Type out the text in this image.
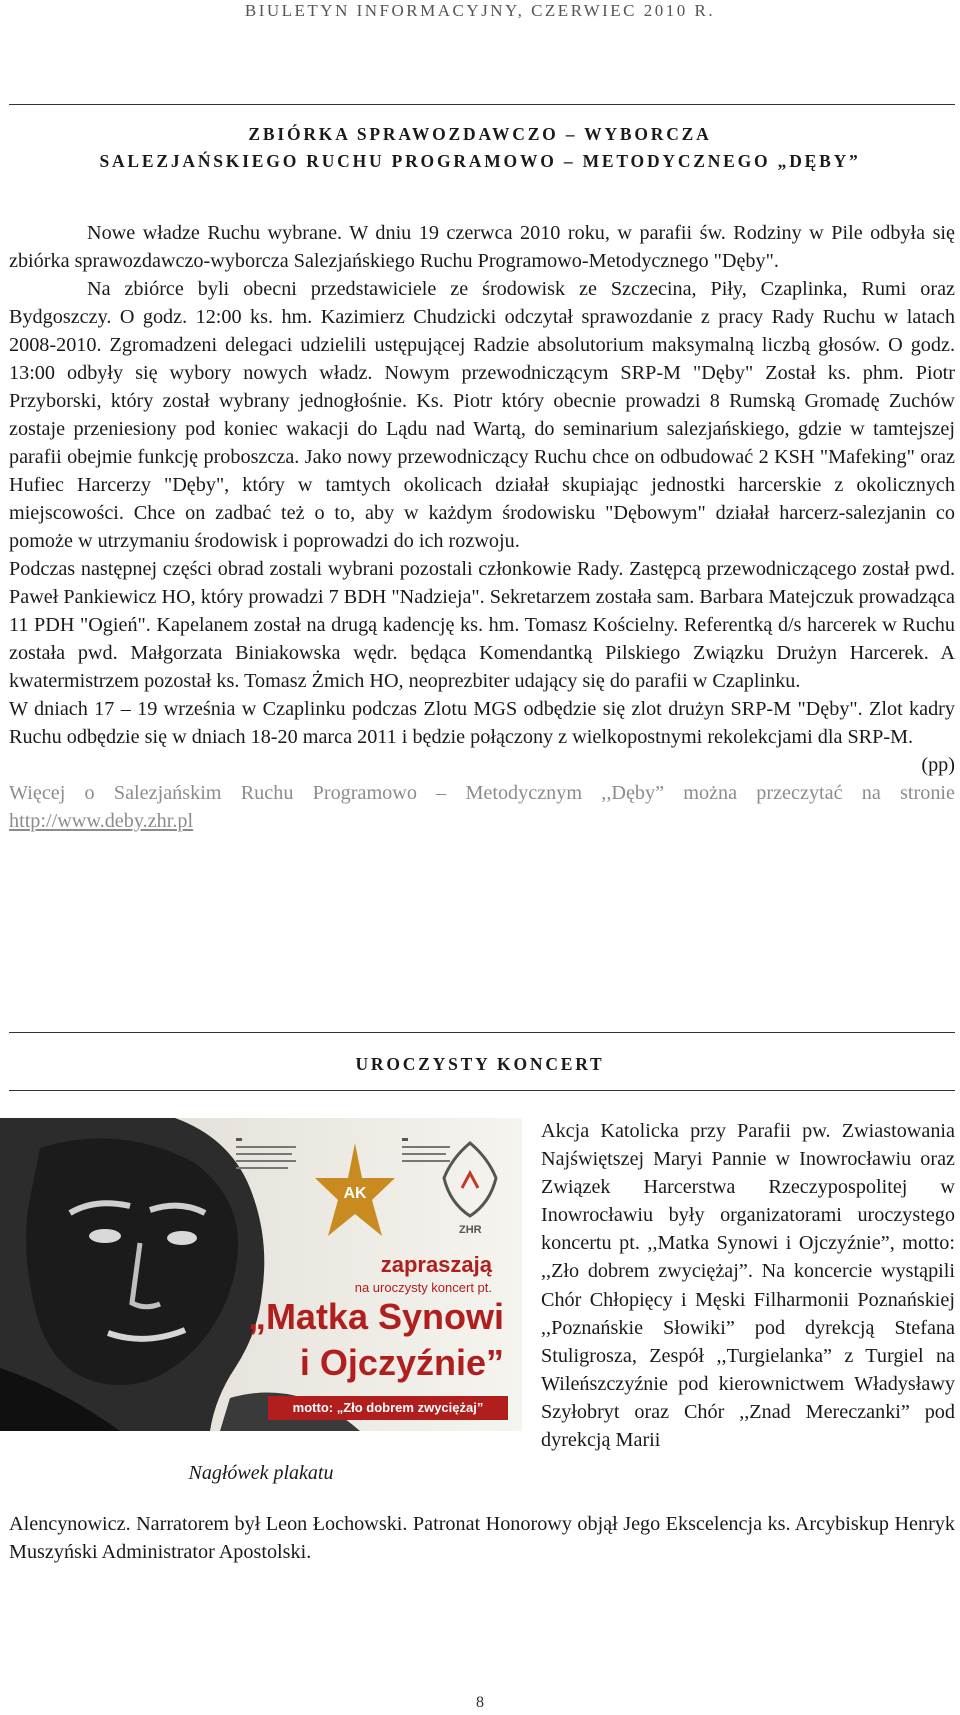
BIULETYN INFORMACYJNY, CZERWIEC 2010 R.
ZBIÓRKA SPRAWOZDAWCZO – WYBORCZA
SALEZJAŃSKIEGO RUCHU PROGRAMOWO – METODYCZNEGO „DĘBY”

Nowe władze Ruchu wybrane. W dniu 19 czerwca 2010 roku, w parafii św. Rodziny w Pile odbyła się zbiórka sprawozdawczo-wyborcza Salezjańskiego Ruchu Programowo-Metodycznego "Dęby".

Na zbiórce byli obecni przedstawiciele ze środowisk ze Szczecina, Piły, Czaplinka, Rumi oraz Bydgoszczy. O godz. 12:00 ks. hm. Kazimierz Chudzicki odczytał sprawozdanie z pracy Rady Ruchu w latach 2008-2010. Zgromadzeni delegaci udzielili ustępującej Radzie absolutorium maksymalną liczbą głosów. O godz. 13:00 odbyły się wybory nowych władz. Nowym przewodniczącym SRP-M "Dęby" Został ks. phm. Piotr Przyborski, który został wybrany jednogłośnie. Ks. Piotr który obecnie prowadzi 8 Rumską Gromadę Zuchów zostaje przeniesiony pod koniec wakacji do Lądu nad Wartą, do seminarium salezjańskiego, gdzie w tamtejszej parafii obejmie funkcję proboszcza. Jako nowy przewodniczący Ruchu chce on odbudować 2 KSH "Mafeking" oraz Hufiec Harcerzy "Dęby", który w tamtych okolicach działał skupiając jednostki harcerskie z okolicznych miejscowości. Chce on zadbać też o to, aby w każdym środowisku "Dębowym" działał harcerz-salezjanin co pomoże w utrzymaniu środowisk i poprowadzi do ich rozwoju.

Podczas następnej części obrad zostali wybrani pozostali członkowie Rady. Zastępcą przewodniczącego został pwd. Paweł Pankiewicz HO, który prowadzi 7 BDH "Nadzieja". Sekretarzem została sam. Barbara Matejczuk prowadząca 11 PDH "Ogień". Kapelanem został na drugą kadencję ks. hm. Tomasz Kościelny. Referentką d/s harcerek w Ruchu została pwd. Małgorzata Biniakowska wędr. będąca Komendantką Pilskiego Związku Drużyn Harcerek. A kwatermistrzem pozostał ks. Tomasz Żmich HO, neoprezbiter udający się do parafii w Czaplinku.

W dniach 17 – 19 września w Czaplinku podczas Zlotu MGS odbędzie się zlot drużyn SRP-M "Dęby". Zlot kadry Ruchu odbędzie się w dniach 18-20 marca 2011 i będzie połączony z wielkopostnymi rekolekcjami dla SRP-M.

(pp)

Więcej o Salezjańskim Ruchu Programowo – Metodycznym ,,Dęby” można przeczytać na stronie http://www.deby.zhr.pl

UROCZYSTY KONCERT
AK
ZHR
zapraszają
na uroczysty koncert pt.
„Matka Synowi
i Ojczyźnie”
motto: „Zło dobrem zwyciężaj”
Nagłówek plakatu

Akcja Katolicka przy Parafii pw. Zwiastowania Najświętszej Maryi Pannie w Inowrocławiu oraz Związek Harcerstwa Rzeczypospolitej w Inowrocławiu były organizatorami uroczystego koncertu pt. ,,Matka Synowi i Ojczyźnie”, motto: ,,Zło dobrem zwyciężaj”. Na koncercie wystąpili Chór Chłopięcy i Męski Filharmonii Poznańskiej ,,Poznańskie Słowiki” pod dyrekcją Stefana Stuligrosza, Zespół ,,Turgielanka” z Turgiel na Wileńszczyźnie pod kierownictwem Władysławy Szyłobryt oraz Chór ,,Znad Mereczanki” pod dyrekcją Marii

Alencynowicz. Narratorem był Leon Łochowski. Patronat Honorowy objął Jego Ekscelencja ks. Arcybiskup Henryk Muszyński Administrator Apostolski.

8
